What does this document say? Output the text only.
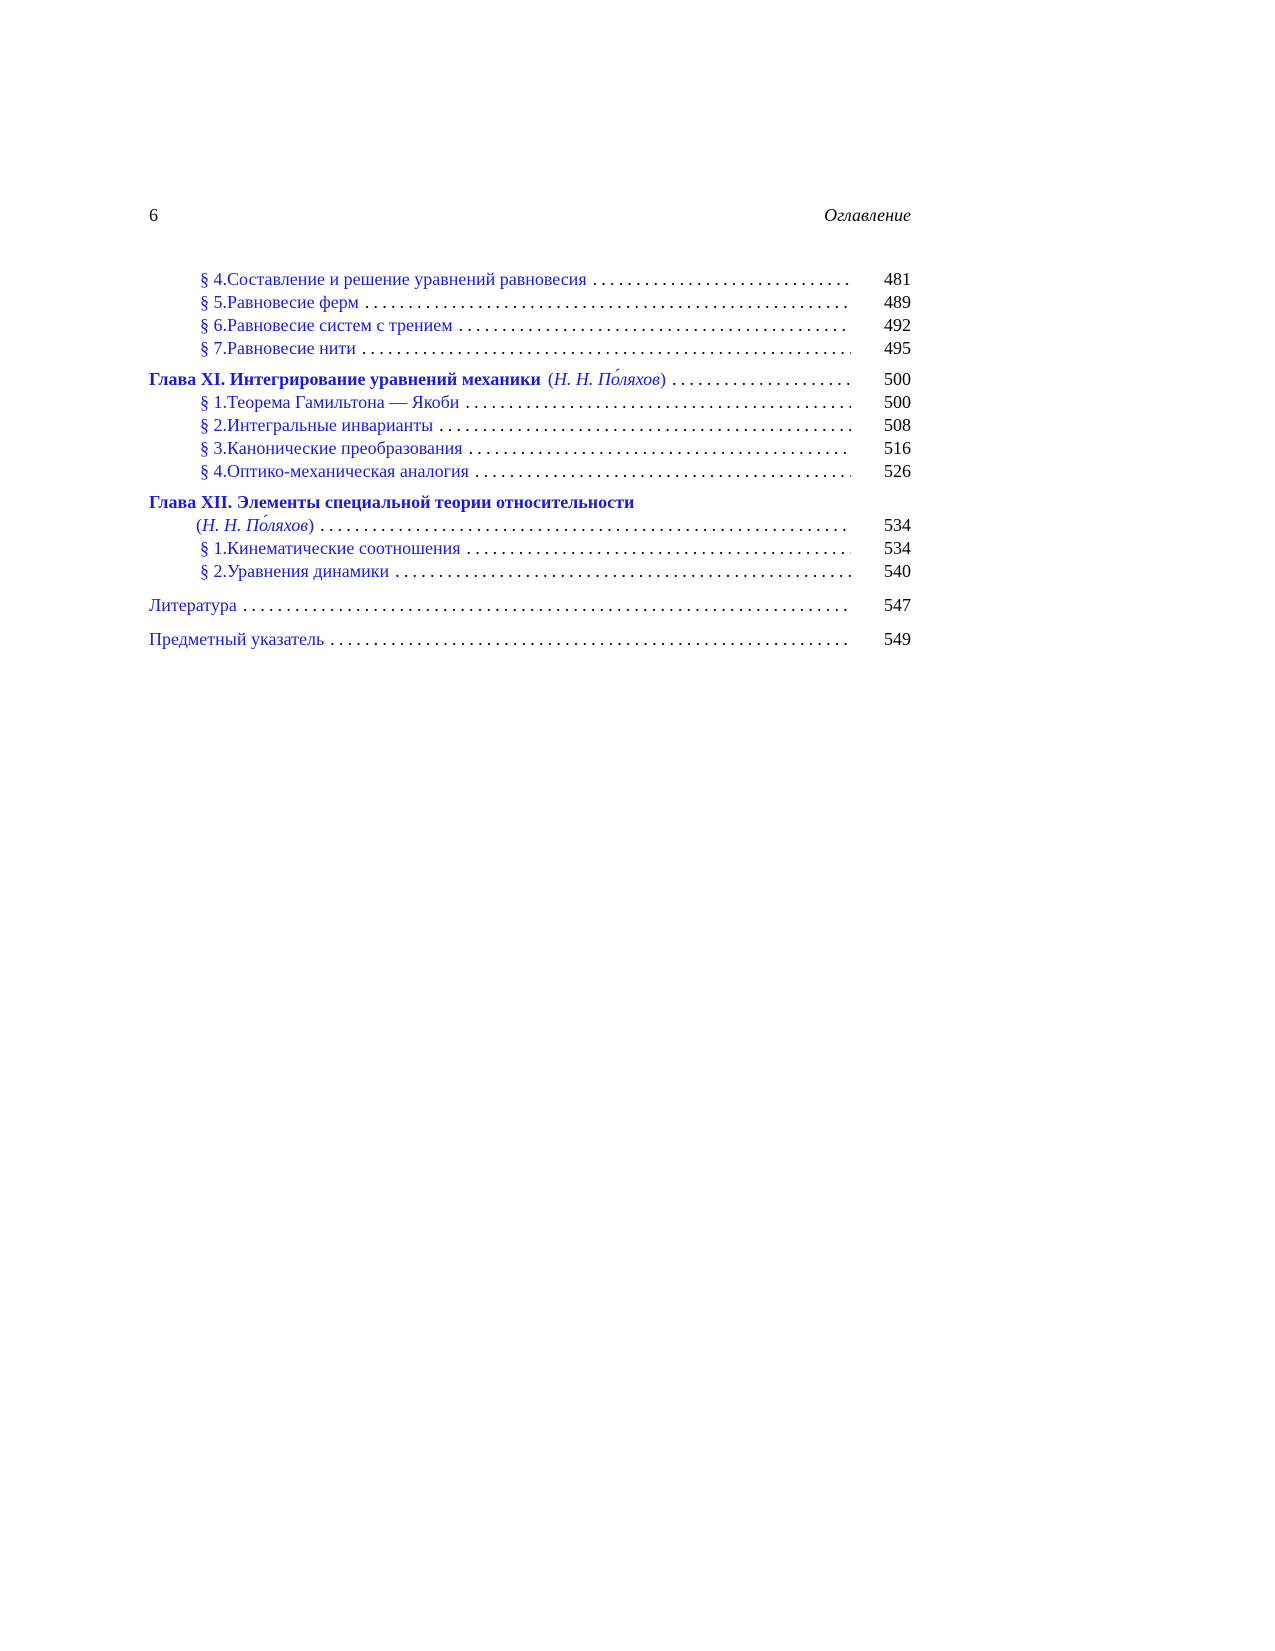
6	Оглавление
§ 4. Составление и решение уравнений равновесия .....	481
§ 5. Равновесие ферм .....	489
§ 6. Равновесие систем с трением .....	492
§ 7. Равновесие нити .....	495
Глава XI. Интегрирование уравнений механики ( Н. Н. По́ляхов ) .....	500
§ 1. Теорема Гамильтона — Якоби .....	500
§ 2. Интегральные инварианты .....	508
§ 3. Канонические преобразования .....	516
§ 4. Оптико-механическая аналогия .....	526
Глава XII. Элементы специальной теории относительности
( Н. Н. По́ляхов ) .....	534
§ 1. Кинематические соотношения .....	534
§ 2. Уравнения динамики .....	540
Литература .....	547
Предметный указатель .....	549
